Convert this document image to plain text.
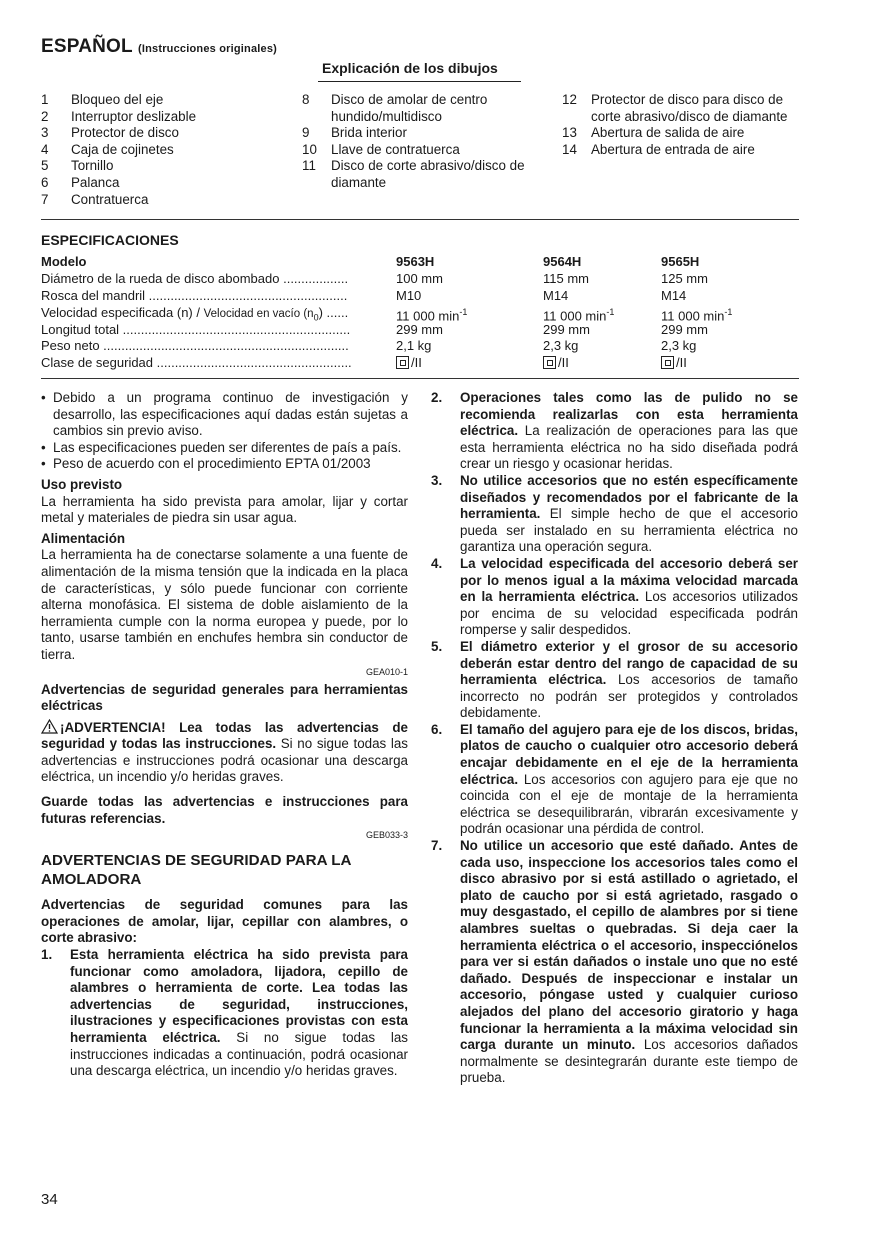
ESPAÑOL (Instrucciones originales)
Explicación de los dibujos
1	Bloqueo del eje
2	Interruptor deslizable
3	Protector de disco
4	Caja de cojinetes
5	Tornillo
6	Palanca
7	Contratuerca
8	Disco de amolar de centro hundido/multidisco
9	Brida interior
10	Llave de contratuerca
11	Disco de corte abrasivo/disco de diamante
12	Protector de disco para disco de corte abrasivo/disco de diamante
13	Abertura de salida de aire
14	Abertura de entrada de aire
ESPECIFICACIONES
Modelo	9563H	9564H	9565H
Diámetro de la rueda de disco abombado ..................	100 mm	115 mm	125 mm
Rosca del mandril .......................................................	M10	M14	M14
Velocidad especificada (n) / Velocidad en vacío $(n_0)$ ......	11 000 $\min^{-1}$	11 000 $\min^{-1}$	11 000 $\min^{-1}$
Longitud total ...............................................................	299 mm	299 mm	299 mm
Peso neto ....................................................................	2,1 kg	2,3 kg	2,3 kg
Clase de seguridad ......................................................	/II	/II	/II
• Debido a un programa continuo de investigación y desarrollo, las especificaciones aquí dadas están sujetas a cambios sin previo aviso.
• Las especificaciones pueden ser diferentes de país a país.
• Peso de acuerdo con el procedimiento EPTA 01/2003

Uso previsto

La herramienta ha sido prevista para amolar, lijar y cortar metal y materiales de piedra sin usar agua.

Alimentación

La herramienta ha de conectarse solamente a una fuente de alimentación de la misma tensión que la indicada en la placa de características, y sólo puede funcionar con corriente alterna monofásica. El sistema de doble aislamiento de la herramienta cumple con la norma europea y puede, por lo tanto, usarse también en enchufes hembra sin conductor de tierra.

GEA010-1

Advertencias de seguridad generales para herramientas eléctricas

¡ADVERTENCIA! Lea todas las advertencias de seguridad y todas las instrucciones. Si no sigue todas las advertencias e instrucciones podrá ocasionar una descarga eléctrica, un incendio y/o heridas graves.

Guarde todas las advertencias e instrucciones para futuras referencias.

GEB033-3

ADVERTENCIAS DE SEGURIDAD PARA LA AMOLADORA

Advertencias de seguridad comunes para las operaciones de amolar, lijar, cepillar con alambres, o corte abrasivo:

1.	Esta herramienta eléctrica ha sido prevista para funcionar como amoladora, lijadora, cepillo de alambres o herramienta de corte. Lea todas las advertencias de seguridad, instrucciones, ilustraciones y especificaciones provistas con esta herramienta eléctrica. Si no sigue todas las instrucciones indicadas a continuación, podrá ocasionar una descarga eléctrica, un incendio y/o heridas graves.
2.	Operaciones tales como las de pulido no se recomienda realizarlas con esta herramienta eléctrica. La realización de operaciones para las que esta herramienta eléctrica no ha sido diseñada podrá crear un riesgo y ocasionar heridas.
3.	No utilice accesorios que no estén específicamente diseñados y recomendados por el fabricante de la herramienta. El simple hecho de que el accesorio pueda ser instalado en su herramienta eléctrica no garantiza una operación segura.
4.	La velocidad especificada del accesorio deberá ser por lo menos igual a la máxima velocidad marcada en la herramienta eléctrica. Los accesorios utilizados por encima de su velocidad especificada podrán romperse y salir despedidos.
5.	El diámetro exterior y el grosor de su accesorio deberán estar dentro del rango de capacidad de su herramienta eléctrica. Los accesorios de tamaño incorrecto no podrán ser protegidos y controlados debidamente.
6.	El tamaño del agujero para eje de los discos, bridas, platos de caucho o cualquier otro accesorio deberá encajar debidamente en el eje de la herramienta eléctrica. Los accesorios con agujero para eje que no coincida con el eje de montaje de la herramienta eléctrica se desequilibrarán, vibrarán excesivamente y podrán ocasionar una pérdida de control.
7.	No utilice un accesorio que esté dañado. Antes de cada uso, inspeccione los accesorios tales como el disco abrasivo por si está astillado o agrietado, el plato de caucho por si está agrietado, rasgado o muy desgastado, el cepillo de alambres por si tiene alambres sueltas o quebradas. Si deja caer la herramienta eléctrica o el accesorio, inspecciónelos para ver si están dañados o instale uno que no esté dañado. Después de inspeccionar e instalar un accesorio, póngase usted y cualquier curioso alejados del plano del accesorio giratorio y haga funcionar la herramienta a la máxima velocidad sin carga durante un minuto. Los accesorios dañados normalmente se desintegrarán durante este tiempo de prueba.
34
